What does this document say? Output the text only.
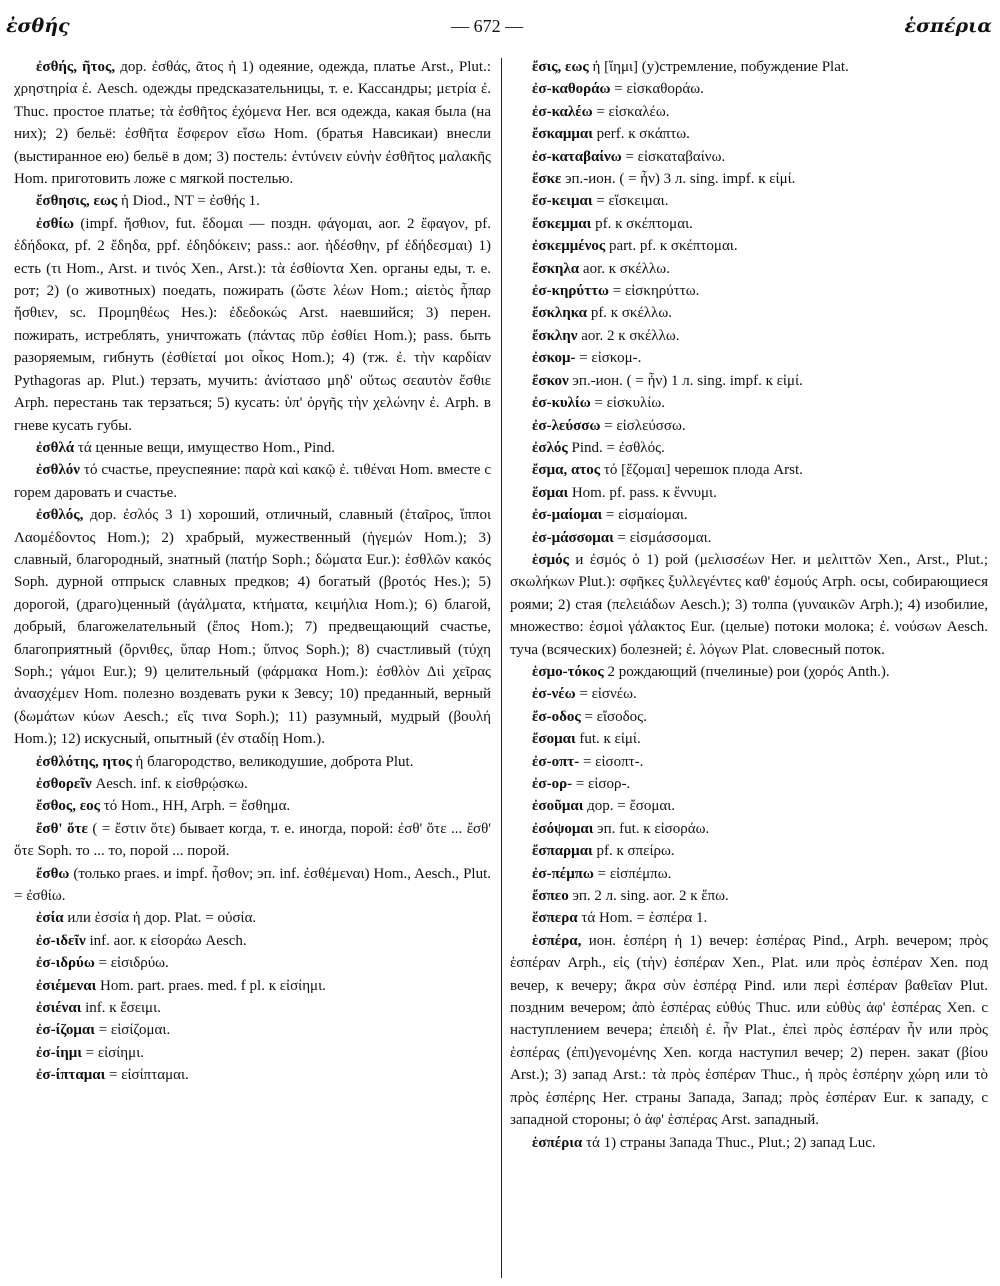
ἐσθής	— 672 —	ἑσπέρια

ἐσθής, ῆτος, дор. ἐσθάς, ᾶτος ἡ 1) одеяние, одежда, платье Arst., Plut.: χρηστηρία ἐ. Aesch. одежды предсказательницы, т. е. Кассандры; μετρία ἐ. Thuc. простое платье; τὰ ἐσθῆτος ἐχόμενα Her. вся одежда, какая была (на них); 2) бельё: ἐσθῆτα ἔσφερον εἴσω Hom. (братья Навсикаи) внесли (выстиранное ею) бельё в дом; 3) постель: ἐντύνειν εὐνὴν ἐσθῆτος μαλακῆς Hom. приготовить ложе с мягкой постелью.

ἔσθησις, εως ἡ Diod., NT = ἐσθής 1.

ἐσθίω (impf. ἤσθιον, fut. ἔδομαι — поздн. φάγομαι, aor. 2 ἔφαγον, pf. ἐδήδοκα, pf. 2 ἔδηδα, ppf. ἐδηδόκειν; pass.: aor. ἠδέσθην, pf ἐδήδεσμαι) 1) есть (τι Hom., Arst. и τινός Xen., Arst.): τὰ ἐσθίοντα Xen. органы еды, т. е. рот; 2) (о животных) поедать, пожирать (ὥστε λέων Hom.; αἰετὸς ἧπαρ ἤσθιεν, sc. Προμηθέως Hes.): ἐδεδοκώς Arst. наевшийся; 3) перен. пожирать, истреблять, уничтожать (πάντας πῦρ ἐσθίει Hom.); pass. быть разоряемым, гибнуть (ἐσθίεταί μοι οἶκος Hom.); 4) (тж. ἐ. τὴν καρδίαν Pythagoras ap. Plut.) терзать, мучить: ἀνίστασο μηδ' οὕτως σεαυτὸν ἔσθιε Arph. перестань так терзаться; 5) кусать: ὑπ' ὀργῆς τὴν χελώνην ἐ. Arph. в гневе кусать губы.

ἐσθλά τά ценные вещи, имущество Hom., Pind.

ἐσθλόν τό счастье, преуспеяние: παρὰ καὶ κακῷ ἐ. τιθέναι Hom. вместе с горем даровать и счастье.

ἐσθλός, дор. ἐσλός 3 1) хороший, отличный, славный (ἑταῖρος, ἵπποι Λαομέδοντος Hom.); 2) храбрый, мужественный (ἡγεμών Hom.); 3) славный, благородный, знатный (πατήρ Soph.; δώματα Eur.): ἐσθλῶν κακός Soph. дурной отпрыск славных предков; 4) богатый (βροτός Hes.); 5) дорогой, (драго)ценный (ἀγάλματα, κτήματα, κειμήλια Hom.); 6) благой, добрый, благожелательный (ἔπος Hom.); 7) предвещающий счастье, благоприятный (ὄρνιθες, ὕπαρ Hom.; ὕπνος Soph.); 8) счастливый (τύχη Soph.; γάμοι Eur.); 9) целительный (φάρμακα Hom.): ἐσθλὸν Διὶ χεῖρας ἀνασχέμεν Hom. полезно воздевать руки к Зевсу; 10) преданный, верный (δωμάτων κύων Aesch.; εἴς τινα Soph.); 11) разумный, мудрый (βουλή Hom.); 12) искусный, опытный (ἐν σταδίῃ Hom.).

ἐσθλότης, ητος ἡ благородство, великодушие, доброта Plut.

ἐσθορεῖν Aesch. inf. к εἰσθρῴσκω.

ἔσθος, εος τό Hom., HH, Arph. = ἔσθημα.

ἔσθ' ὅτε ( = ἔστιν ὅτε) бывает когда, т. е. иногда, порой: ἐσθ' ὅτε ... ἔσθ' ὅτε Soph. то ... то, порой ... порой.

ἔσθω (только praes. и impf. ἦσθον; эп. inf. ἐσθέμεναι) Hom., Aesch., Plut. = ἐσθίω.

ἐσία или ἐσσία ἡ дор. Plat. = οὐσία.

ἐσ-ιδεῖν inf. aor. к εἰσοράω Aesch.

ἐσ-ιδρύω = εἰσιδρύω.

ἐσιέμεναι Hom. part. praes. med. f pl. к εἰσίημι.

ἐσιέναι inf. к ἔσειμι.

ἐσ-ίζομαι = εἰσίζομαι.

ἐσ-ίημι = εἰσίημι.

ἐσ-ίπταμαι = εἰσίπταμαι.

ἔσις, εως ἡ [ἵημι] (у)стремление, побуждение Plat.

ἐσ-καθοράω = εἰσκαθοράω.

ἐσ-καλέω = εἰσκαλέω.

ἔσκαμμαι perf. к σκάπτω.

ἐσ-καταβαίνω = εἰσκαταβαίνω.

ἔσκε эп.-ион. ( = ἦν) 3 л. sing. impf. к εἰμί.

ἔσ-κειμαι = εἴσκειμαι.

ἔσκεμμαι pf. к σκέπτομαι.

ἐσκεμμένος part. pf. к σκέπτομαι.

ἔσκηλα aor. к σκέλλω.

ἐσ-κηρύττω = εἰσκηρύττω.

ἔσκληκα pf. к σκέλλω.

ἔσκλην aor. 2 к σκέλλω.

ἐσκομ- = εἰσκομ-.

ἔσκον эп.-ион. ( = ἦν) 1 л. sing. impf. к εἰμί.

ἐσ-κυλίω = εἰσκυλίω.

ἐσ-λεύσσω = εἰσλεύσσω.

ἐσλός Pind. = ἐσθλός.

ἔσμα, ατος τό [ἕζομαι] черешок плода Arst.

ἕσμαι Hom. pf. pass. к ἕννυμι.

ἐσ-μαίομαι = εἰσμαίομαι.

ἐσ-μάσσομαι = εἰσμάσσομαι.

ἑσμός и ἐσμός ὁ 1) рой (μελισσέων Her. и μελιττῶν Xen., Arst., Plut.; σκωλήκων Plut.): σφῆκες ξυλλεγέντες καθ' ἑσμούς Arph. осы, собирающиеся роями; 2) стая (πελειάδων Aesch.); 3) толпа (γυναικῶν Arph.); 4) изобилие, множество: ἑσμοὶ γάλακτος Eur. (целые) потоки молока; ἐ. νούσων Aesch. туча (всяческих) болезней; ἐ. λόγων Plat. словесный поток.

ἑσμο-τόκος 2 рождающий (пчелиные) рои (χορός Anth.).

ἐσ-νέω = εἰσνέω.

ἔσ-οδος = εἴσοδος.

ἔσομαι fut. к εἰμί.

ἐσ-οπτ- = εἰσοπτ-.

ἐσ-ορ- = εἰσορ-.

ἐσοῦμαι дор. = ἔσομαι.

ἐσόψομαι эп. fut. к εἰσοράω.

ἔσπαρμαι pf. к σπείρω.

ἐσ-πέμπω = εἰσπέμπω.

ἔσπεο эп. 2 л. sing. aor. 2 к ἕπω.

ἕσπερα τά Hom. = ἑσπέρα 1.

ἑσπέρα, ион. ἑσπέρη ἡ 1) вечер: ἑσπέρας Pind., Arph. вечером; πρὸς ἑσπέραν Arph., εἰς (τὴν) ἑσπέραν Xen., Plat. или πρὸς ἑσπέραν Xen. под вечер, к вечеру; ἄκρα σὺν ἑσπέρᾳ Pind. или περὶ ἑσπέραν βαθεῖαν Plut. поздним вечером; ἀπὸ ἑσπέρας εὐθύς Thuc. или εὐθὺς ἀφ' ἑσπέρας Xen. с наступлением вечера; ἐπειδὴ ἐ. ἦν Plat., ἐπεὶ πρὸς ἑσπέραν ἦν или πρὸς ἑσπέρας (ἐπι)γενομένης Xen. когда наступил вечер; 2) перен. закат (βίου Arst.); 3) запад Arst.: τὰ πρὸς ἑσπέραν Thuc., ἡ πρὸς ἑσπέρην χώρη или τὸ πρὸς ἑσπέρης Her. страны Запада, Запад; πρὸς ἑσπέραν Eur. к западу, с западной стороны; ὁ ἀφ' ἑσπέρας Arst. западный.

ἑσπέρια τά 1) страны Запада Thuc., Plut.; 2) запад Luc.
